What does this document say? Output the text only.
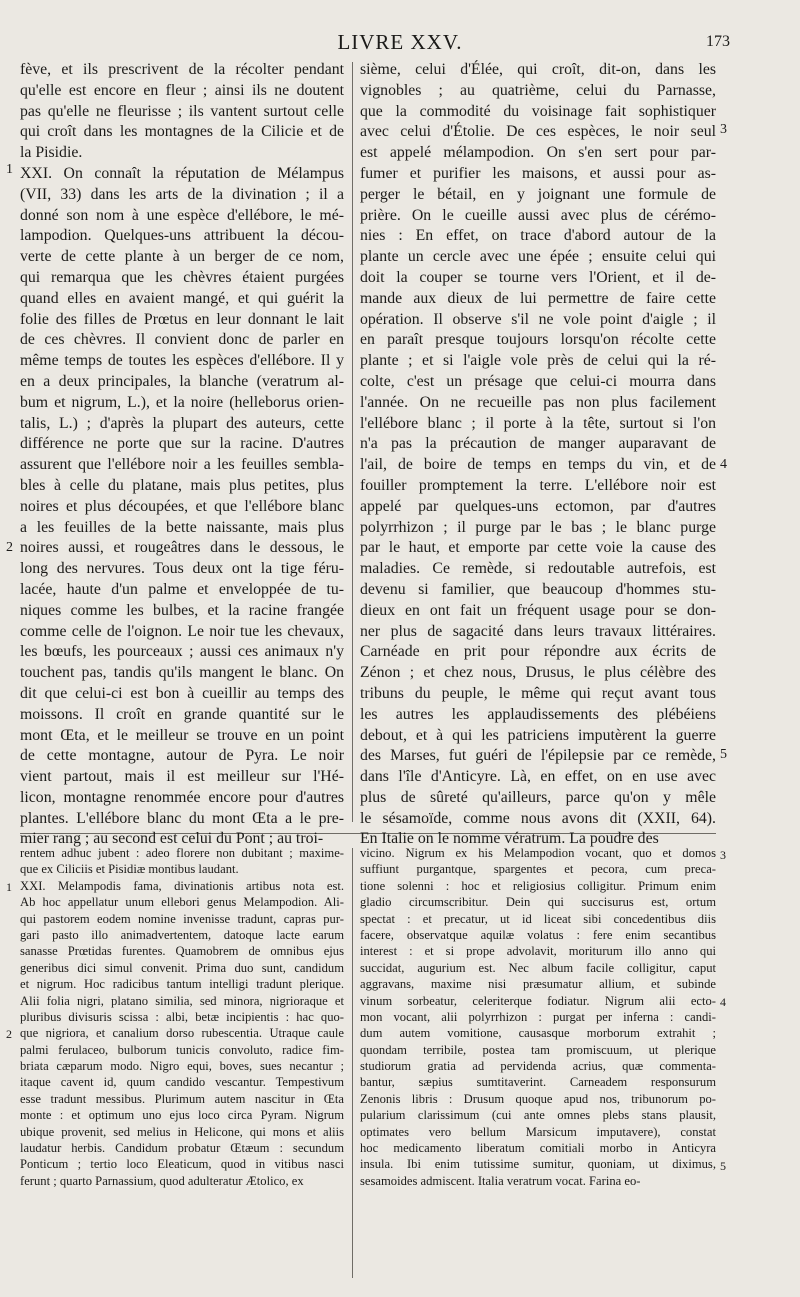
LIVRE XXV.	173
1
2
3
4
5
1
2
3
4
5
fève, et ils prescrivent de la récolter pendant
qu'elle est encore en fleur ; ainsi ils ne doutent
pas qu'elle ne fleurisse ; ils vantent surtout celle
qui croît dans les montagnes de la Cilicie et de
la Pisidie.
XXI. On connaît la réputation de Mélampus
(VII, 33) dans les arts de la divination ; il a
donné son nom à une espèce d'ellébore, le mé-
lampodion. Quelques-uns attribuent la décou-
verte de cette plante à un berger de ce nom,
qui remarqua que les chèvres étaient purgées
quand elles en avaient mangé, et qui guérit la
folie des filles de Prœtus en leur donnant le lait
de ces chèvres. Il convient donc de parler en
même temps de toutes les espèces d'ellébore. Il y
en a deux principales, la blanche (veratrum al-
bum et nigrum, L.), et la noire (helleborus orien-
talis, L.) ; d'après la plupart des auteurs, cette
différence ne porte que sur la racine. D'autres
assurent que l'ellébore noir a les feuilles sembla-
bles à celle du platane, mais plus petites, plus
noires et plus découpées, et que l'ellébore blanc
a les feuilles de la bette naissante, mais plus
noires aussi, et rougeâtres dans le dessous, le
long des nervures. Tous deux ont la tige féru-
lacée, haute d'un palme et enveloppée de tu-
niques comme les bulbes, et la racine frangée
comme celle de l'oignon. Le noir tue les chevaux,
les bœufs, les pourceaux ; aussi ces animaux n'y
touchent pas, tandis qu'ils mangent le blanc. On
dit que celui-ci est bon à cueillir au temps des
moissons. Il croît en grande quantité sur le
mont Œta, et le meilleur se trouve en un point
de cette montagne, autour de Pyra. Le noir
vient partout, mais il est meilleur sur l'Hé-
licon, montagne renommée encore pour d'autres
plantes. L'ellébore blanc du mont Œta a le pre-
mier rang ; au second est celui du Pont ; au troi-
sième, celui d'Élée, qui croît, dit-on, dans les
vignobles ; au quatrième, celui du Parnasse,
que la commodité du voisinage fait sophistiquer
avec celui d'Étolie. De ces espèces, le noir seul
est appelé mélampodion. On s'en sert pour par-
fumer et purifier les maisons, et aussi pour as-
perger le bétail, en y joignant une formule de
prière. On le cueille aussi avec plus de cérémo-
nies : En effet, on trace d'abord autour de la
plante un cercle avec une épée ; ensuite celui qui
doit la couper se tourne vers l'Orient, et il de-
mande aux dieux de lui permettre de faire cette
opération. Il observe s'il ne vole point d'aigle ; il
en paraît presque toujours lorsqu'on récolte cette
plante ; et si l'aigle vole près de celui qui la ré-
colte, c'est un présage que celui-ci mourra dans
l'année. On ne recueille pas non plus facilement
l'ellébore blanc ; il porte à la tête, surtout si l'on
n'a pas la précaution de manger auparavant de
l'ail, de boire de temps en temps du vin, et de
fouiller promptement la terre. L'ellébore noir est
appelé par quelques-uns ectomon, par d'autres
polyrrhizon ; il purge par le bas ; le blanc purge
par le haut, et emporte par cette voie la cause des
maladies. Ce remède, si redoutable autrefois, est
devenu si familier, que beaucoup d'hommes stu-
dieux en ont fait un fréquent usage pour se don-
ner plus de sagacité dans leurs travaux littéraires.
Carnéade en prit pour répondre aux écrits de
Zénon ; et chez nous, Drusus, le plus célèbre des
tribuns du peuple, le même qui reçut avant tous
les autres les applaudissements des plébéiens
debout, et à qui les patriciens imputèrent la guerre
des Marses, fut guéri de l'épilepsie par ce remède,
dans l'île d'Anticyre. Là, en effet, on en use avec
plus de sûreté qu'ailleurs, parce qu'on y mêle
le sésamoïde, comme nous avons dit (XXII, 64).
En Italie on le nomme vératrum. La poudre des
rentem adhuc jubent : adeo florere non dubitant ; maxime-
que ex Ciliciis et Pisidiæ montibus laudant.
XXI. Melampodis fama, divinationis artibus nota est.
Ab hoc appellatur unum ellebori genus Melampodion. Ali-
qui pastorem eodem nomine invenisse tradunt, capras pur-
gari pasto illo animadvertentem, datoque lacte earum
sanasse Prœtidas furentes. Quamobrem de omnibus ejus
generibus dici simul convenit. Prima duo sunt, candidum
et nigrum. Hoc radicibus tantum intelligi tradunt plerique.
Alii folia nigri, platano similia, sed minora, nigrioraque et
pluribus divisuris scissa : albi, betæ incipientis : hac quo-
que nigriora, et canalium dorso rubescentia. Utraque caule
palmi ferulaceo, bulborum tunicis convoluto, radice fim-
briata cæparum modo. Nigro equi, boves, sues necantur ;
itaque cavent id, quum candido vescantur. Tempestivum
esse tradunt messibus. Plurimum autem nascitur in Œta
monte : et optimum uno ejus loco circa Pyram. Nigrum
ubique provenit, sed melius in Helicone, qui mons et aliis
laudatur herbis. Candidum probatur Œtæum : secundum
Ponticum ; tertio loco Eleaticum, quod in vitibus nasci
ferunt ; quarto Parnassium, quod adulteratur Ætolico, ex
vicino. Nigrum ex his Melampodion vocant, quo et domos
suffiunt purgantque, spargentes et pecora, cum preca-
tione solenni : hoc et religiosius colligitur. Primum enim
gladio circumscribitur. Dein qui succisurus est, ortum
spectat : et precatur, ut id liceat sibi concedentibus diis
facere, observatque aquilæ volatus : fere enim secantibus
interest : et si prope advolavit, moriturum illo anno qui
succidat, augurium est. Nec album facile colligitur, caput
aggravans, maxime nisi præsumatur allium, et subinde
vinum sorbeatur, celeriterque fodiatur. Nigrum alii ecto-
mon vocant, alii polyrrhizon : purgat per inferna : candi-
dum autem vomitione, causasque morborum extrahit ;
quondam terribile, postea tam promiscuum, ut plerique
studiorum gratia ad pervidenda acrius, quæ commenta-
bantur, sæpius sumtitaverint. Carneadem responsurum
Zenonis libris : Drusum quoque apud nos, tribunorum po-
pularium clarissimum (cui ante omnes plebs stans plausit,
optimates vero bellum Marsicum imputavere), constat
hoc medicamento liberatum comitiali morbo in Anticyra
insula. Ibi enim tutissime sumitur, quoniam, ut diximus,
sesamoides admiscent. Italia veratrum vocat. Farina eo-
